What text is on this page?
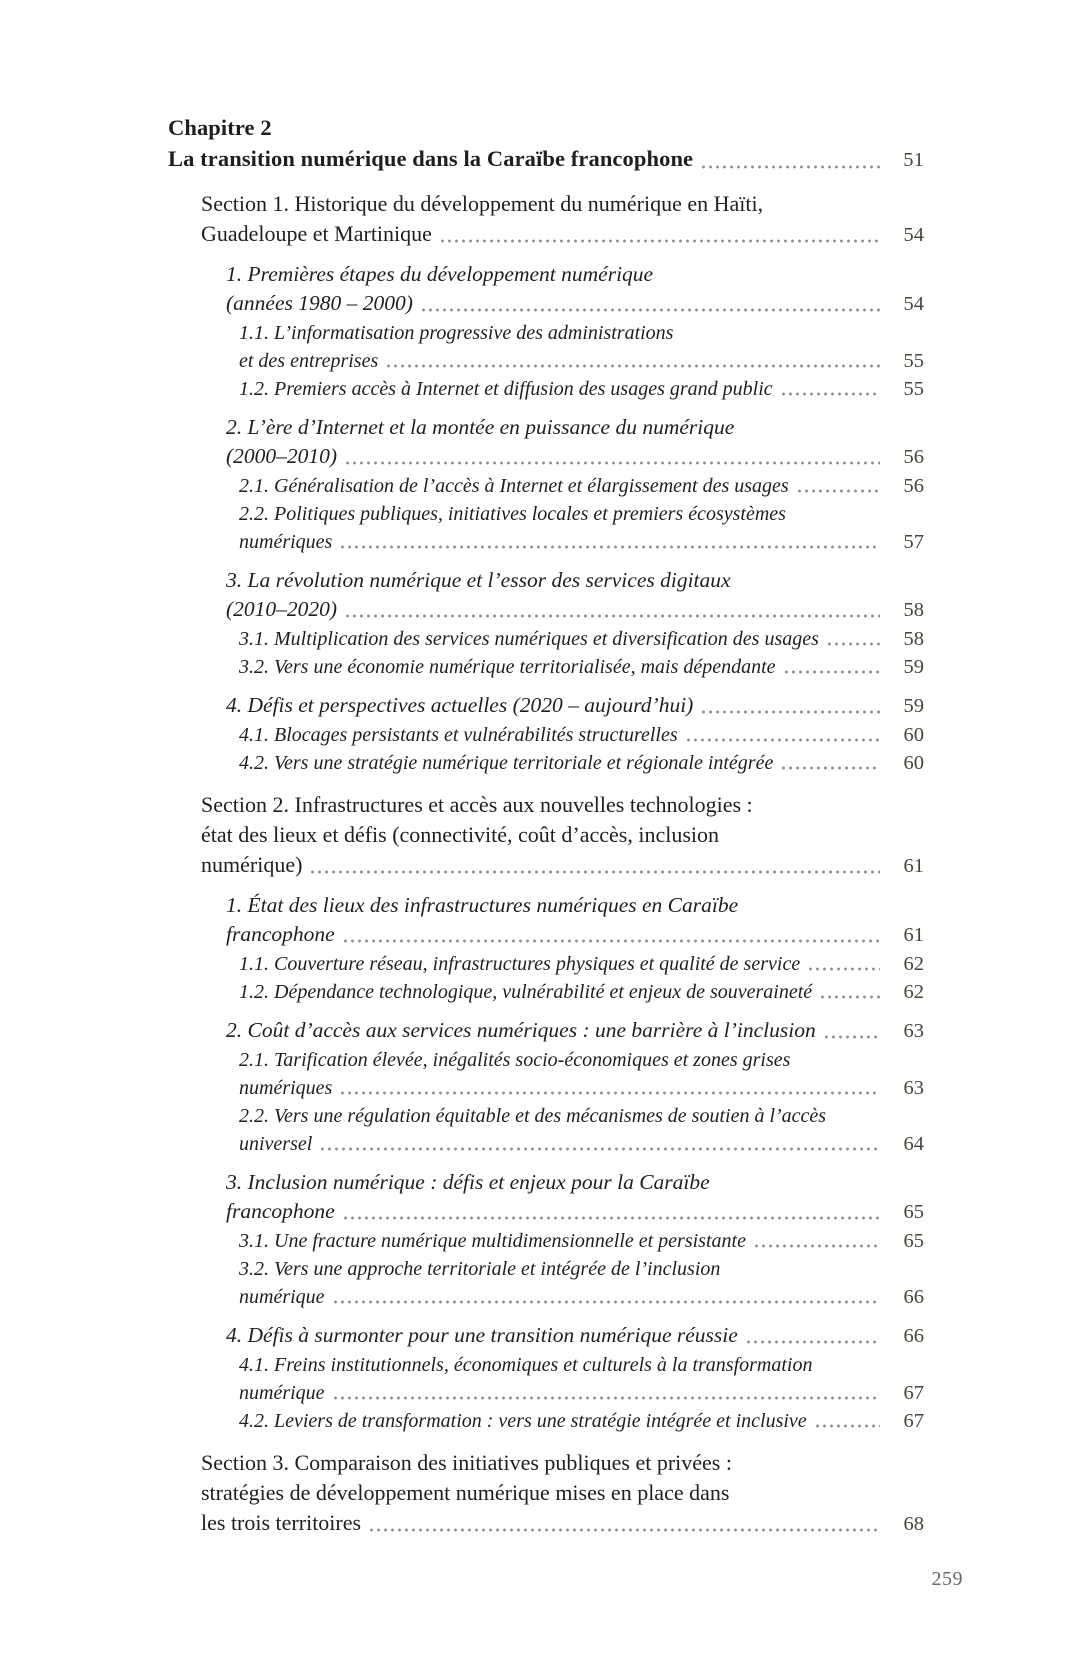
Chapitre 2
La transition numérique dans la Caraïbe francophone	51
Section 1. Historique du développement du numérique en Haïti,
Guadeloupe et Martinique	54
1. Premières étapes du développement numérique
(années 1980 – 2000)	54
1.1. L’informatisation progressive des administrations
et des entreprises	55
1.2. Premiers accès à Internet et diffusion des usages grand public	55
2. L’ère d’Internet et la montée en puissance du numérique
(2000–2010)	56
2.1. Généralisation de l’accès à Internet et élargissement des usages	56
2.2. Politiques publiques, initiatives locales et premiers écosystèmes
numériques	57
3. La révolution numérique et l’essor des services digitaux
(2010–2020)	58
3.1. Multiplication des services numériques et diversification des usages	58
3.2. Vers une économie numérique territorialisée, mais dépendante	59
4. Défis et perspectives actuelles (2020 – aujourd’hui)	59
4.1. Blocages persistants et vulnérabilités structurelles	60
4.2. Vers une stratégie numérique territoriale et régionale intégrée	60
Section 2. Infrastructures et accès aux nouvelles technologies :
état des lieux et défis (connectivité, coût d’accès, inclusion
numérique)	61
1. État des lieux des infrastructures numériques en Caraïbe
francophone	61
1.1. Couverture réseau, infrastructures physiques et qualité de service	62
1.2. Dépendance technologique, vulnérabilité et enjeux de souveraineté	62
2. Coût d’accès aux services numériques : une barrière à l’inclusion	63
2.1. Tarification élevée, inégalités socio-économiques et zones grises
numériques	63
2.2. Vers une régulation équitable et des mécanismes de soutien à l’accès
universel	64
3. Inclusion numérique : défis et enjeux pour la Caraïbe
francophone	65
3.1. Une fracture numérique multidimensionnelle et persistante	65
3.2. Vers une approche territoriale et intégrée de l’inclusion
numérique	66
4. Défis à surmonter pour une transition numérique réussie	66
4.1. Freins institutionnels, économiques et culturels à la transformation
numérique	67
4.2. Leviers de transformation : vers une stratégie intégrée et inclusive	67
Section 3. Comparaison des initiatives publiques et privées :
stratégies de développement numérique mises en place dans
les trois territoires	68
259
